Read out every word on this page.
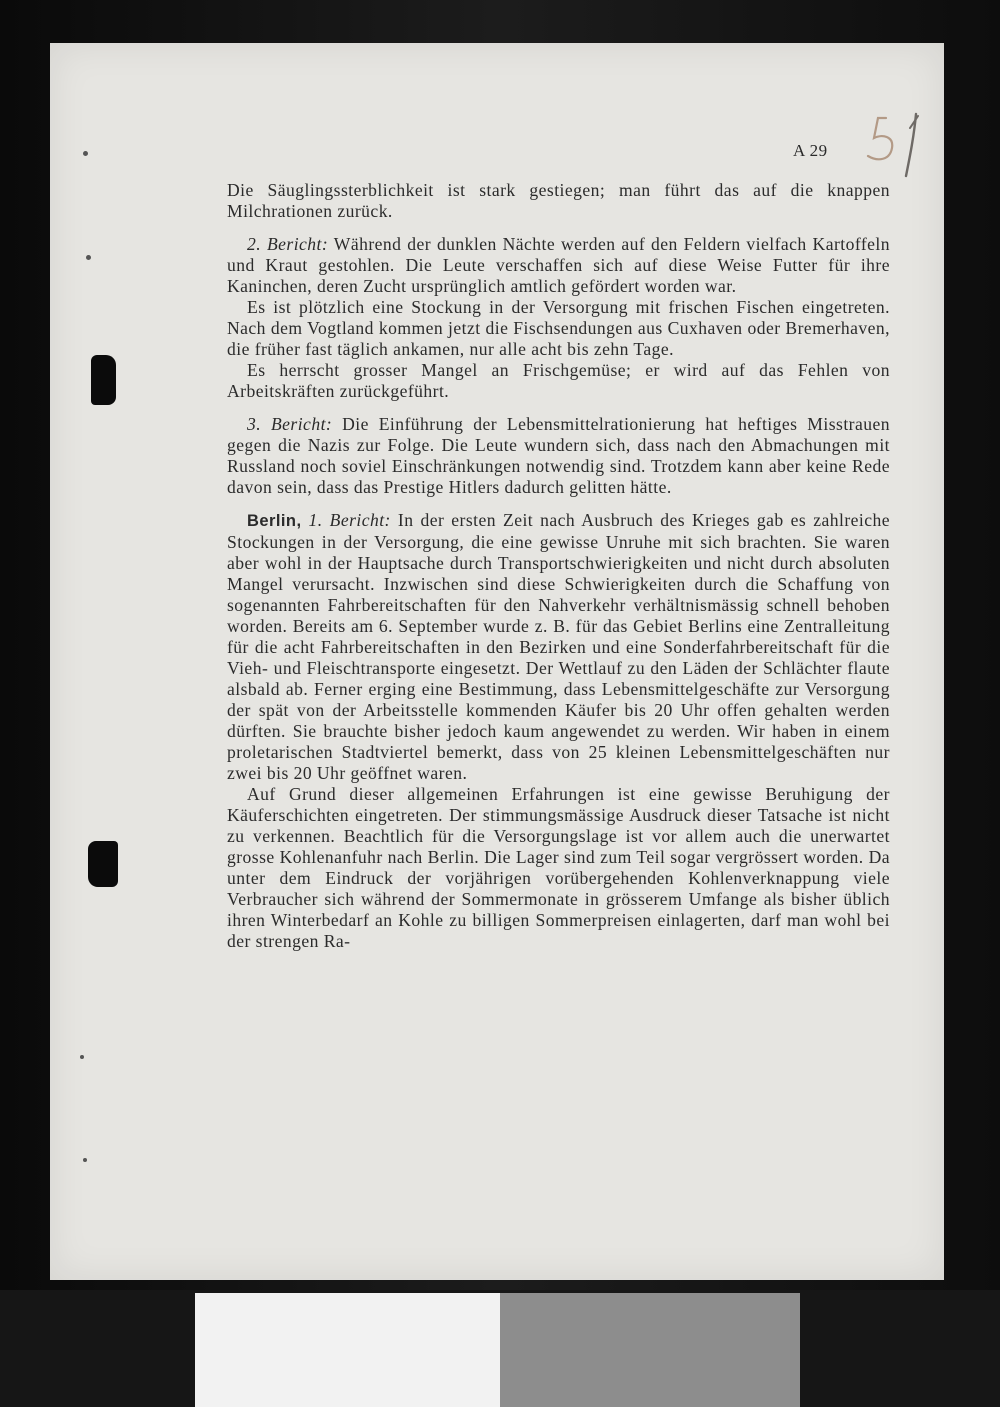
A 29

Die Säuglingssterblichkeit ist stark gestiegen; man führt das auf die knappen Milchrationen zurück.

2. Bericht: Während der dunklen Nächte werden auf den Feldern vielfach Kartoffeln und Kraut gestohlen. Die Leute verschaffen sich auf diese Weise Futter für ihre Kaninchen, deren Zucht ursprünglich amtlich gefördert worden war.

Es ist plötzlich eine Stockung in der Versorgung mit frischen Fischen eingetreten. Nach dem Vogtland kommen jetzt die Fischsendungen aus Cuxhaven oder Bremerhaven, die früher fast täglich ankamen, nur alle acht bis zehn Tage.

Es herrscht grosser Mangel an Frischgemüse; er wird auf das Fehlen von Arbeitskräften zurückgeführt.

3. Bericht: Die Einführung der Lebensmittelrationierung hat heftiges Misstrauen gegen die Nazis zur Folge. Die Leute wundern sich, dass nach den Abmachungen mit Russland noch soviel Einschränkungen notwendig sind. Trotzdem kann aber keine Rede davon sein, dass das Prestige Hitlers dadurch gelitten hätte.

Berlin, 1. Bericht: In der ersten Zeit nach Ausbruch des Krieges gab es zahlreiche Stockungen in der Versorgung, die eine gewisse Unruhe mit sich brachten. Sie waren aber wohl in der Hauptsache durch Transportschwierigkeiten und nicht durch absoluten Mangel verursacht. Inzwischen sind diese Schwierigkeiten durch die Schaffung von sogenannten Fahrbereitschaften für den Nahverkehr verhältnismässig schnell behoben worden. Bereits am 6. September wurde z. B. für das Gebiet Berlins eine Zentralleitung für die acht Fahrbereitschaften in den Bezirken und eine Sonderfahrbereitschaft für die Vieh- und Fleischtransporte eingesetzt. Der Wettlauf zu den Läden der Schlächter flaute alsbald ab. Ferner erging eine Bestimmung, dass Lebensmittelgeschäfte zur Versorgung der spät von der Arbeitsstelle kommenden Käufer bis 20 Uhr offen gehalten werden dürften. Sie brauchte bisher jedoch kaum angewendet zu werden. Wir haben in einem proletarischen Stadtviertel bemerkt, dass von 25 kleinen Lebensmittelgeschäften nur zwei bis 20 Uhr geöffnet waren.

Auf Grund dieser allgemeinen Erfahrungen ist eine gewisse Beruhigung der Käuferschichten eingetreten. Der stimmungsmässige Ausdruck dieser Tatsache ist nicht zu verkennen. Beachtlich für die Versorgungslage ist vor allem auch die unerwartet grosse Kohlenanfuhr nach Berlin. Die Lager sind zum Teil sogar vergrössert worden. Da unter dem Eindruck der vorjährigen vorübergehenden Kohlenverknappung viele Verbraucher sich während der Sommermonate in grösserem Umfange als bisher üblich ihren Winterbedarf an Kohle zu billigen Sommerpreisen einlagerten, darf man wohl bei der strengen Ra-
